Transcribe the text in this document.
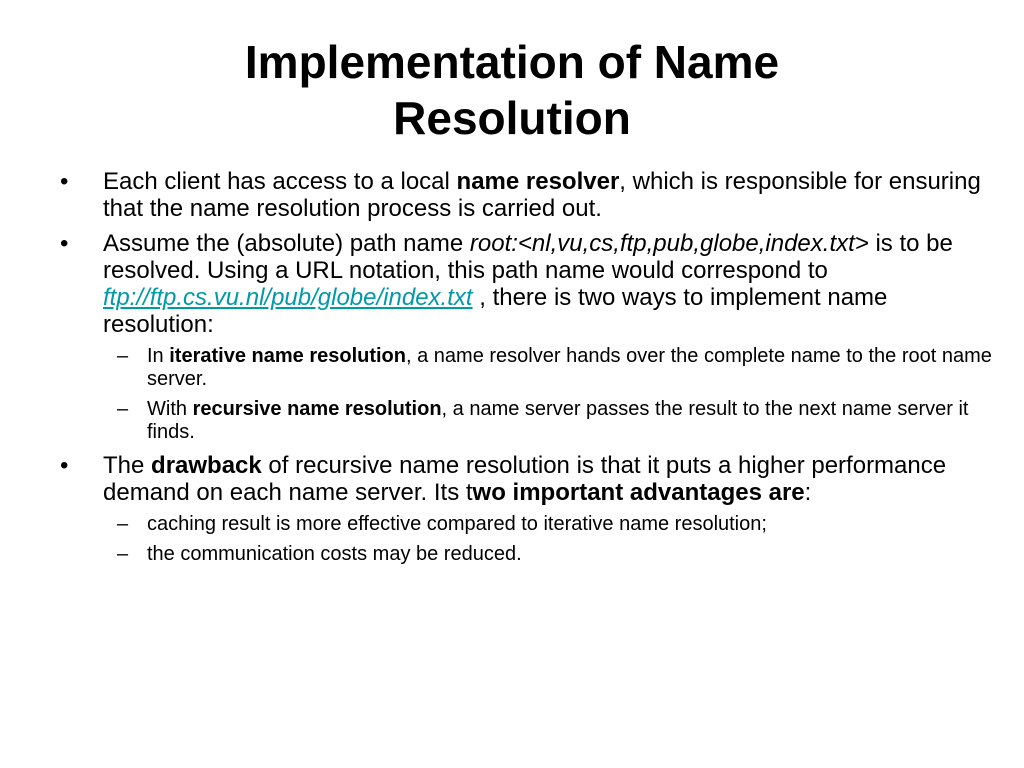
Implementation of Name
Resolution
•	Each client has access to a local name resolver, which is responsible for ensuring that the name resolution process is carried out.
•	Assume the (absolute) path name root:<nl,vu,cs,ftp,pub,globe,index.txt> is to be resolved. Using a URL notation, this path name would correspond to ftp://ftp.cs.vu.nl/pub/globe/index.txt , there is two ways to implement name resolution:
– In iterative name resolution, a name resolver hands over the complete name to the root name server.
– With recursive name resolution, a name server passes the result to the next name server it finds.
•	The drawback of recursive name resolution is that it puts a higher performance demand on each name server. Its two important advantages are:
– caching result is more effective compared to iterative name resolution;
– the communication costs may be reduced.
